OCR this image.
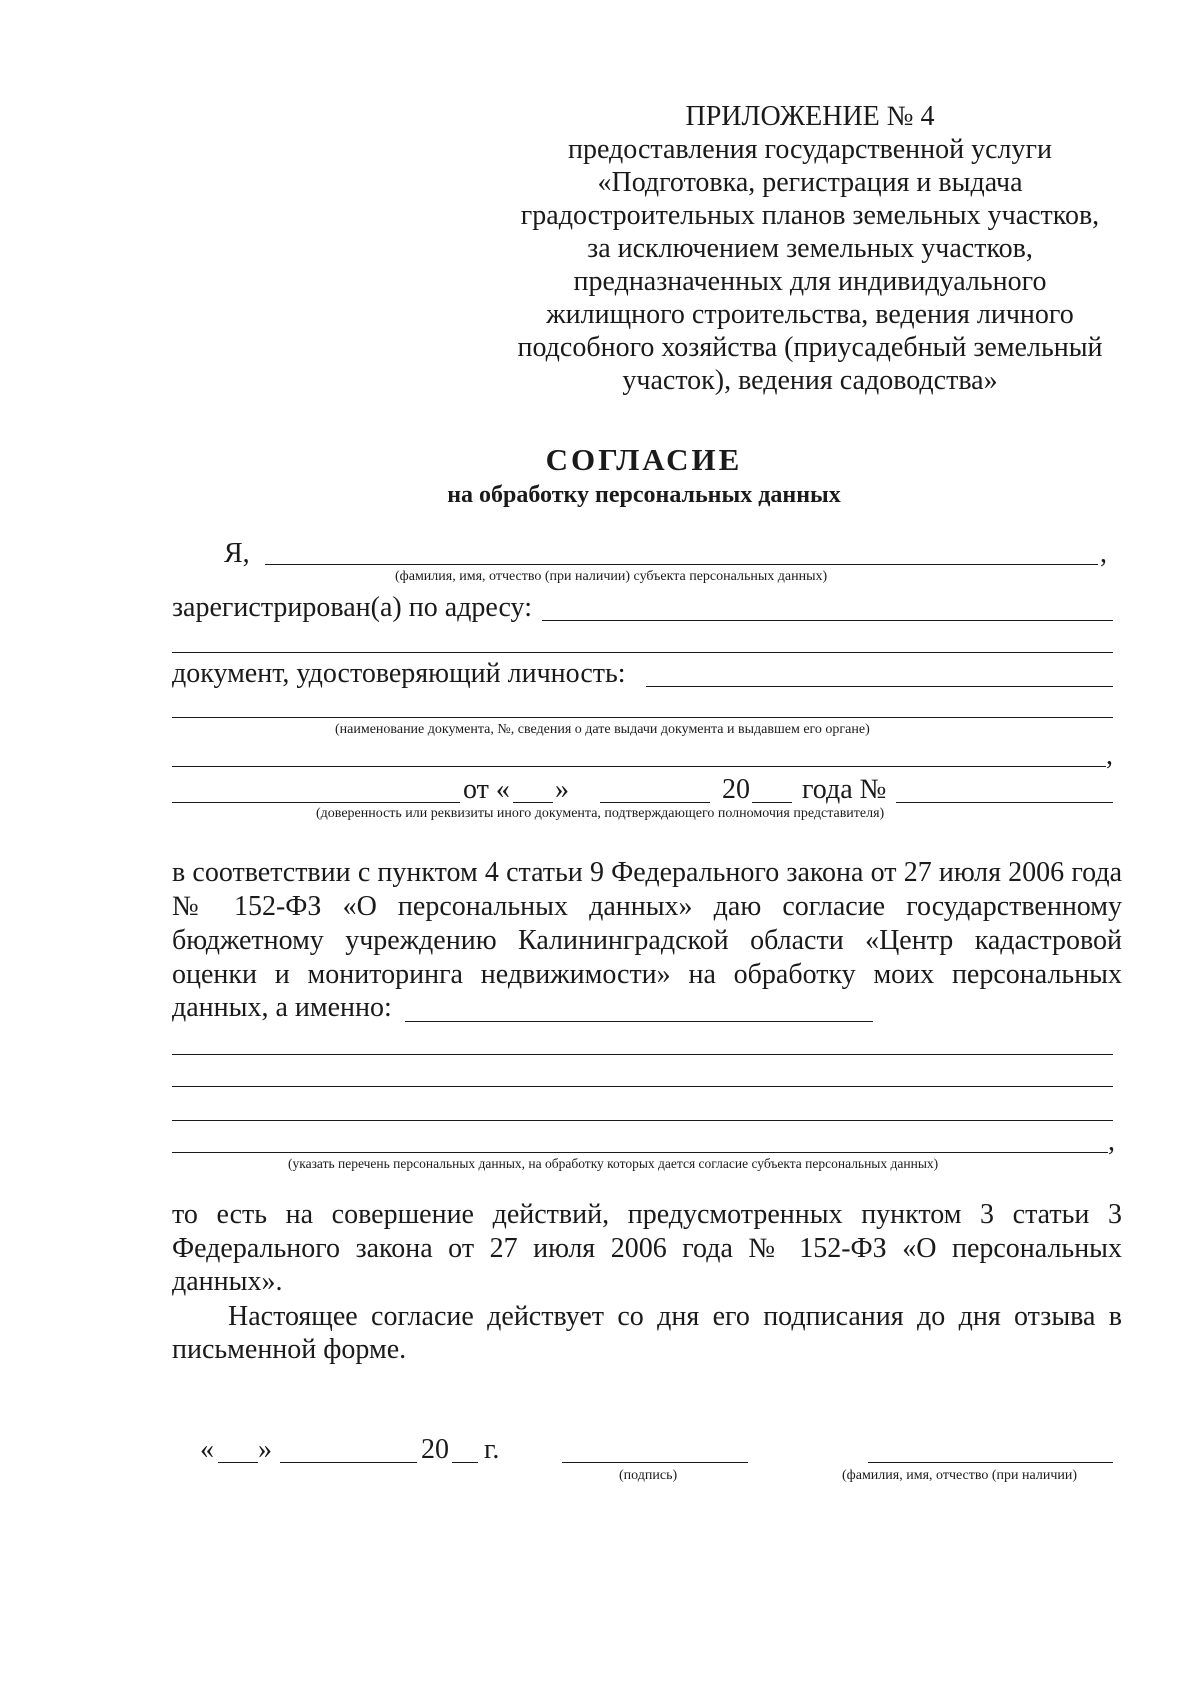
ПРИЛОЖЕНИЕ № 4
предоставления государственной услуги
«Подготовка, регистрация и выдача
градостроительных планов земельных участков,
за исключением земельных участков,
предназначенных для индивидуального
жилищного строительства, ведения личного
подсобного хозяйства (приусадебный земельный
участок), ведения садоводства»
СОГЛАСИЕ
на обработку персональных данных
Я,	,
(фамилия, имя, отчество (при наличии) субъекта персональных данных)
зарегистрирован(а) по адресу:
документ, удостоверяющий личность:
(наименование документа, №, сведения о дате выдачи документа и выдавшем его органе)
,
от « »	20 года №
(доверенность или реквизиты иного документа, подтверждающего полномочия представителя)
в соответствии с пунктом 4 статьи 9 Федерального закона от 27 июля 2006 года № 152-ФЗ «О персональных данных» даю согласие государственному бюджетному учреждению Калининградской области «Центр кадастровой оценки и мониторинга недвижимости» на обработку моих персональных
данных, а именно:
,
(указать перечень персональных данных, на обработку которых дается согласие субъекта персональных данных)
то есть на совершение действий, предусмотренных пунктом 3 статьи 3 Федерального закона от 27 июля 2006 года № 152-ФЗ «О персональных
данных».
Настоящее согласие действует со дня его подписания до дня отзыва в
письменной форме.
« »	20 г.
(подпись)	(фамилия, имя, отчество (при наличии)
